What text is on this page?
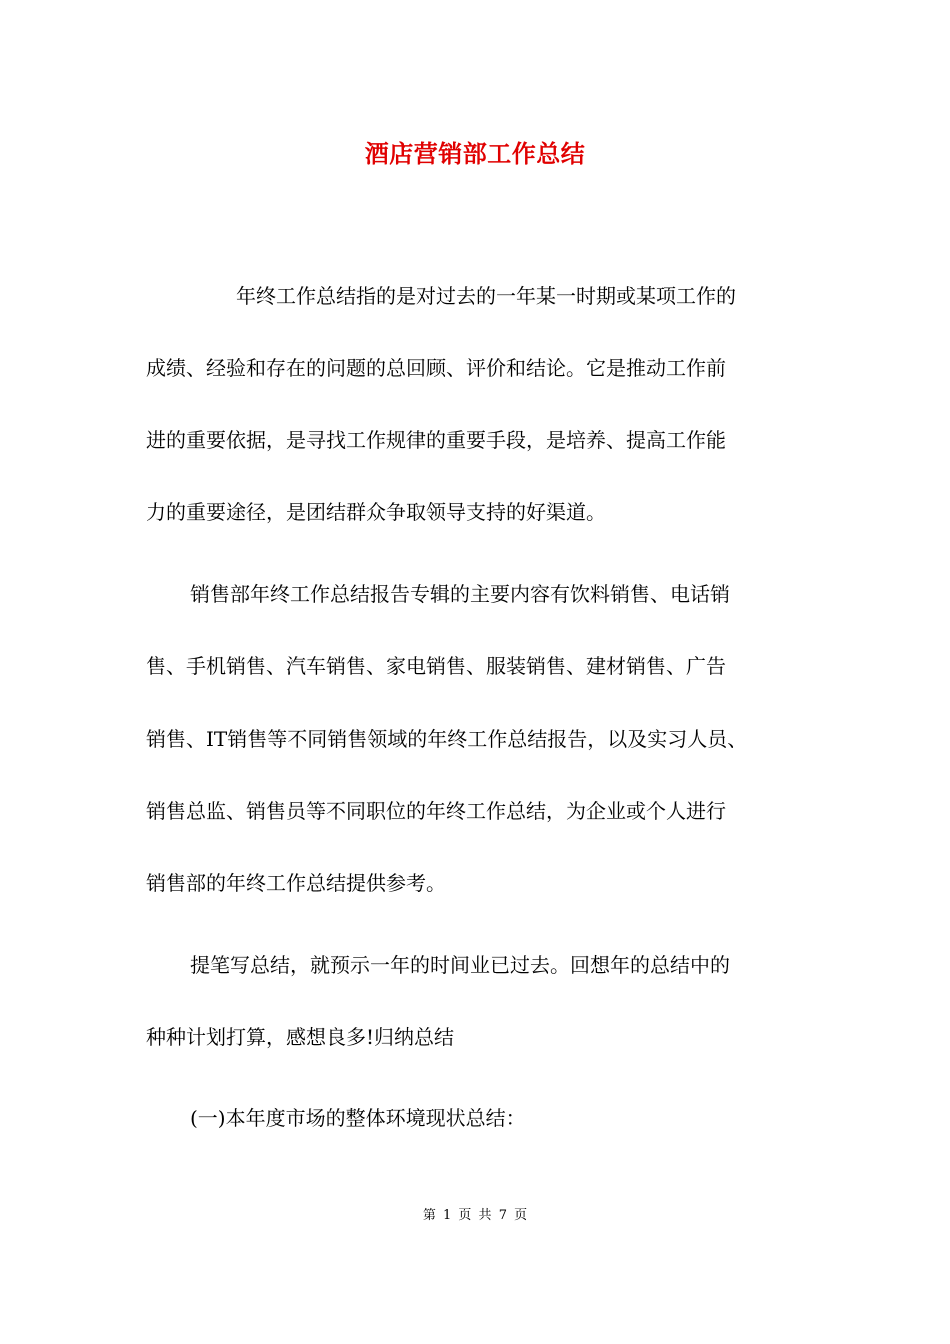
酒店营销部工作总结
年终工作总结指的是对过去的一年某一时期或某项工作的
成绩、经验和存在的问题的总回顾、评价和结论。它是推动工作前
进的重要依据，是寻找工作规律的重要手段，是培养、提高工作能
力的重要途径，是团结群众争取领导支持的好渠道。
销售部年终工作总结报告专辑的主要内容有饮料销售、电话销
售、手机销售、汽车销售、家电销售、服装销售、建材销售、广告
销售、IT销售等不同销售领域的年终工作总结报告，以及实习人员、
销售总监、销售员等不同职位的年终工作总结，为企业或个人进行
销售部的年终工作总结提供参考。
提笔写总结，就预示一年的时间业已过去。回想年的总结中的
种种计划打算，感想良多!归纳总结
(一)本年度市场的整体环境现状总结：
第 1 页 共 7 页
